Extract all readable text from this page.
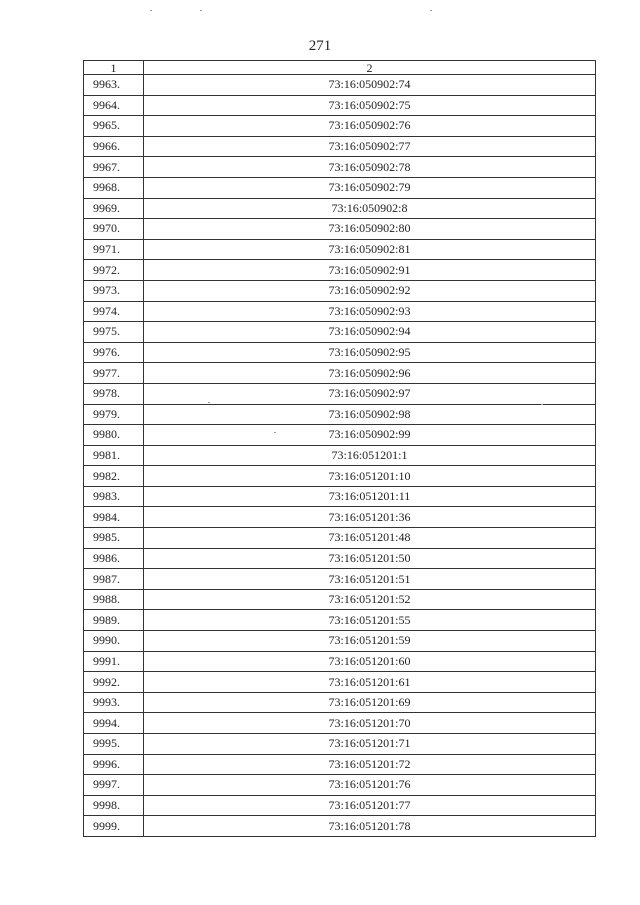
271
1	2
9963.	73:16:050902:74
9964.	73:16:050902:75
9965.	73:16:050902:76
9966.	73:16:050902:77
9967.	73:16:050902:78
9968.	73:16:050902:79
9969.	73:16:050902:8
9970.	73:16:050902:80
9971.	73:16:050902:81
9972.	73:16:050902:91
9973.	73:16:050902:92
9974.	73:16:050902:93
9975.	73:16:050902:94
9976.	73:16:050902:95
9977.	73:16:050902:96
9978.	73:16:050902:97
9979.	73:16:050902:98
9980.	73:16:050902:99
9981.	73:16:051201:1
9982.	73:16:051201:10
9983.	73:16:051201:11
9984.	73:16:051201:36
9985.	73:16:051201:48
9986.	73:16:051201:50
9987.	73:16:051201:51
9988.	73:16:051201:52
9989.	73:16:051201:55
9990.	73:16:051201:59
9991.	73:16:051201:60
9992.	73:16:051201:61
9993.	73:16:051201:69
9994.	73:16:051201:70
9995.	73:16:051201:71
9996.	73:16:051201:72
9997.	73:16:051201:76
9998.	73:16:051201:77
9999.	73:16:051201:78
